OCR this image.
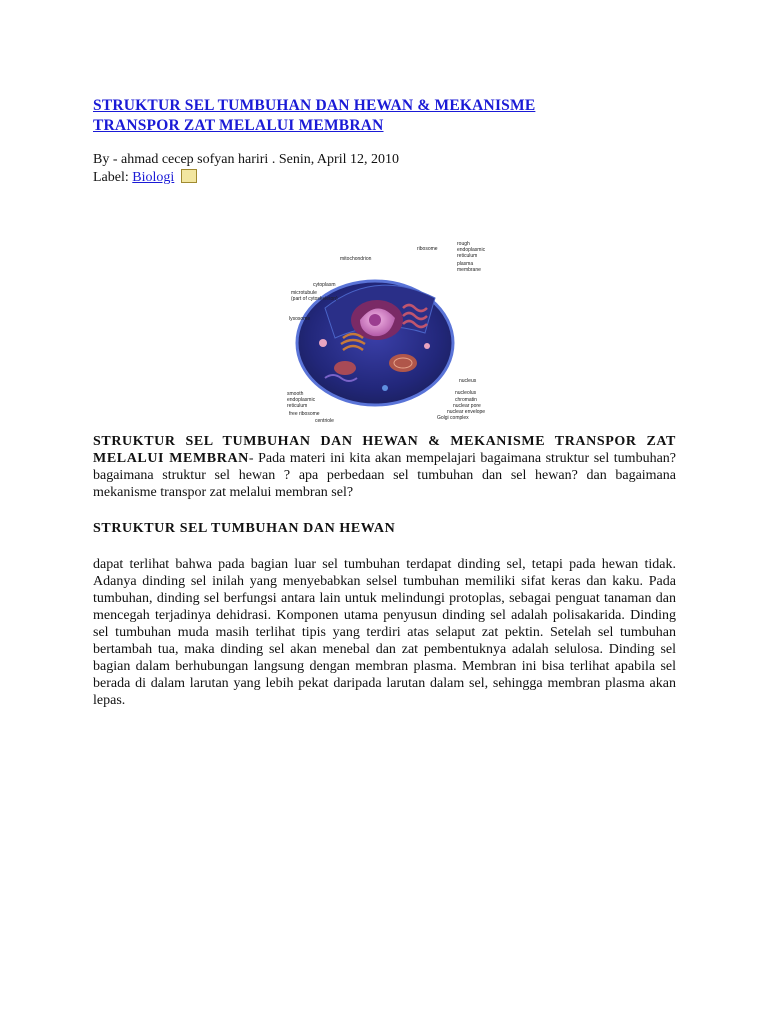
STRUKTUR SEL TUMBUHAN DAN HEWAN & MEKANISME TRANSPOR ZAT MELALUI MEMBRAN
By - ahmad cecep sofyan hariri . Senin, April 12, 2010
Label: Biologi
mitochondrion
ribosome
rough
endoplasmic
reticulum
plasma
membrane
cytoplasm
microtubule
(part of cytoskeleton)
lysosome
nucleus
nucleolus
chromatin
nuclear pore
nuclear envelope
Golgi complex
smooth
endoplasmic
reticulum
free ribosome
centriole
STRUKTUR SEL TUMBUHAN DAN HEWAN & MEKANISME TRANSPOR ZAT MELALUI MEMBRAN- Pada materi ini kita akan mempelajari bagaimana struktur sel tumbuhan? bagaimana struktur sel hewan ? apa perbedaan sel tumbuhan dan sel hewan? dan bagaimana mekanisme transpor zat melalui membran sel?
STRUKTUR SEL TUMBUHAN DAN HEWAN
dapat terlihat bahwa pada bagian luar sel tumbuhan terdapat dinding sel, tetapi pada hewan tidak. Adanya dinding sel inilah yang menyebabkan selsel tumbuhan memiliki sifat keras dan kaku. Pada tumbuhan, dinding sel berfungsi antara lain untuk melindungi protoplas, sebagai penguat tanaman dan mencegah terjadinya dehidrasi. Komponen utama penyusun dinding sel adalah polisakarida. Dinding sel tumbuhan muda masih terlihat tipis yang terdiri atas selaput zat pektin. Setelah sel tumbuhan bertambah tua, maka dinding sel akan menebal dan zat pembentuknya adalah selulosa. Dinding sel bagian dalam berhubungan langsung dengan membran plasma. Membran ini bisa terlihat apabila sel berada di dalam larutan yang lebih pekat daripada larutan dalam sel, sehingga membran plasma akan lepas.
